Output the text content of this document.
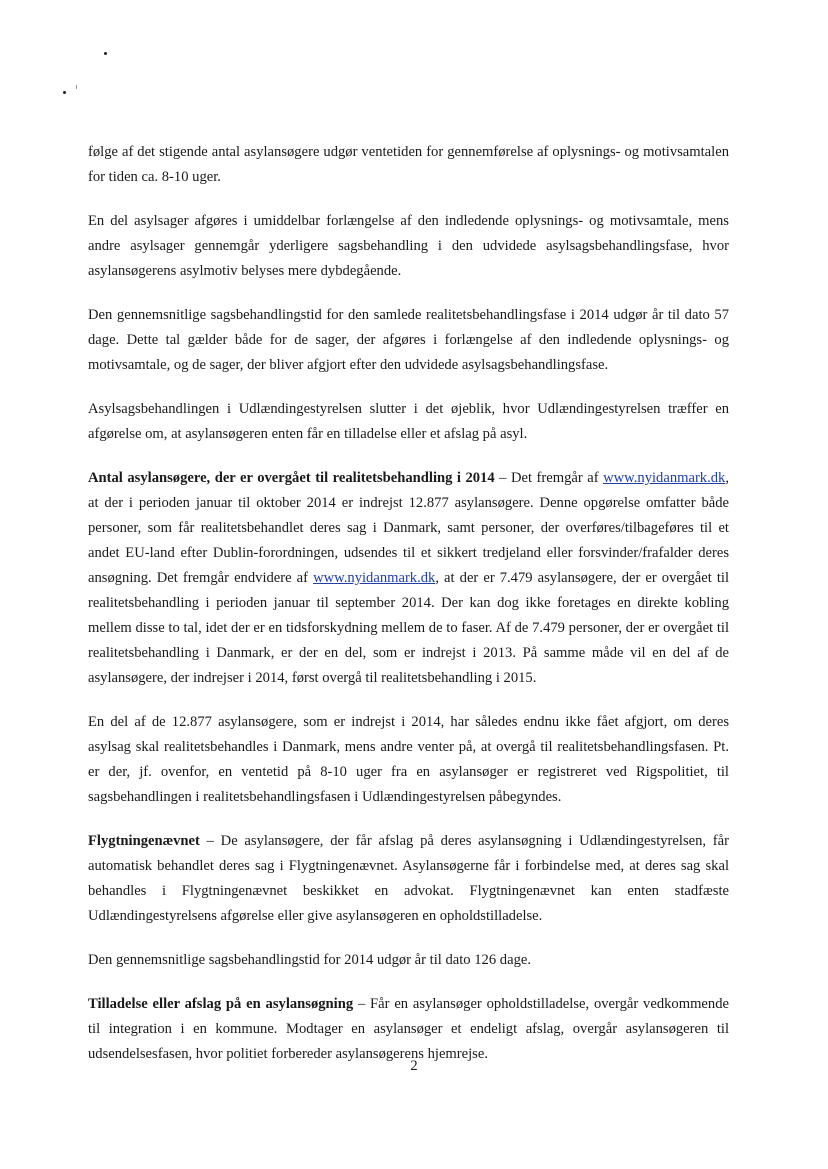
følge af det stigende antal asylansøgere udgør ventetiden for gennemførelse af oplysnings- og motivsamtalen for tiden ca. 8-10 uger.

En del asylsager afgøres i umiddelbar forlængelse af den indledende oplysnings- og motivsamtale, mens andre asylsager gennemgår yderligere sagsbehandling i den udvidede asylsagsbehandlingsfase, hvor asylansøgerens asylmotiv belyses mere dybdegående.

Den gennemsnitlige sagsbehandlingstid for den samlede realitetsbehandlingsfase i 2014 udgør år til dato 57 dage. Dette tal gælder både for de sager, der afgøres i forlængelse af den indledende oplysnings- og motivsamtale, og de sager, der bliver afgjort efter den udvidede asylsagsbehandlingsfase.

Asylsagsbehandlingen i Udlændingestyrelsen slutter i det øjeblik, hvor Udlændingestyrelsen træffer en afgørelse om, at asylansøgeren enten får en tilladelse eller et afslag på asyl.

Antal asylansøgere, der er overgået til realitetsbehandling i 2014 – Det fremgår af www.nyidanmark.dk, at der i perioden januar til oktober 2014 er indrejst 12.877 asylansøgere. Denne opgørelse omfatter både personer, som får realitetsbehandlet deres sag i Danmark, samt personer, der overføres/tilbageføres til et andet EU-land efter Dublin-forordningen, udsendes til et sikkert tredjeland eller forsvinder/frafalder deres ansøgning. Det fremgår endvidere af www.nyidanmark.dk, at der er 7.479 asylansøgere, der er overgået til realitetsbehandling i perioden januar til september 2014. Der kan dog ikke foretages en direkte kobling mellem disse to tal, idet der er en tidsforskydning mellem de to faser. Af de 7.479 personer, der er overgået til realitetsbehandling i Danmark, er der en del, som er indrejst i 2013. På samme måde vil en del af de asylansøgere, der indrejser i 2014, først overgå til realitetsbehandling i 2015.

En del af de 12.877 asylansøgere, som er indrejst i 2014, har således endnu ikke fået afgjort, om deres asylsag skal realitetsbehandles i Danmark, mens andre venter på, at overgå til realitetsbehandlingsfasen. Pt. er der, jf. ovenfor, en ventetid på 8-10 uger fra en asylansøger er registreret ved Rigspolitiet, til sagsbehandlingen i realitetsbehandlingsfasen i Udlændingestyrelsen påbegyndes.

Flygtningenævnet – De asylansøgere, der får afslag på deres asylansøgning i Udlændingestyrelsen, får automatisk behandlet deres sag i Flygtningenævnet. Asylansøgerne får i forbindelse med, at deres sag skal behandles i Flygtningenævnet beskikket en advokat. Flygtningenævnet kan enten stadfæste Udlændingestyrelsens afgørelse eller give asylansøgeren en opholdstilladelse.

Den gennemsnitlige sagsbehandlingstid for 2014 udgør år til dato 126 dage.

Tilladelse eller afslag på en asylansøgning – Får en asylansøger opholdstilladelse, overgår vedkommende til integration i en kommune. Modtager en asylansøger et endeligt afslag, overgår asylansøgeren til udsendelsesfasen, hvor politiet forbereder asylansøgerens hjemrejse.

2
